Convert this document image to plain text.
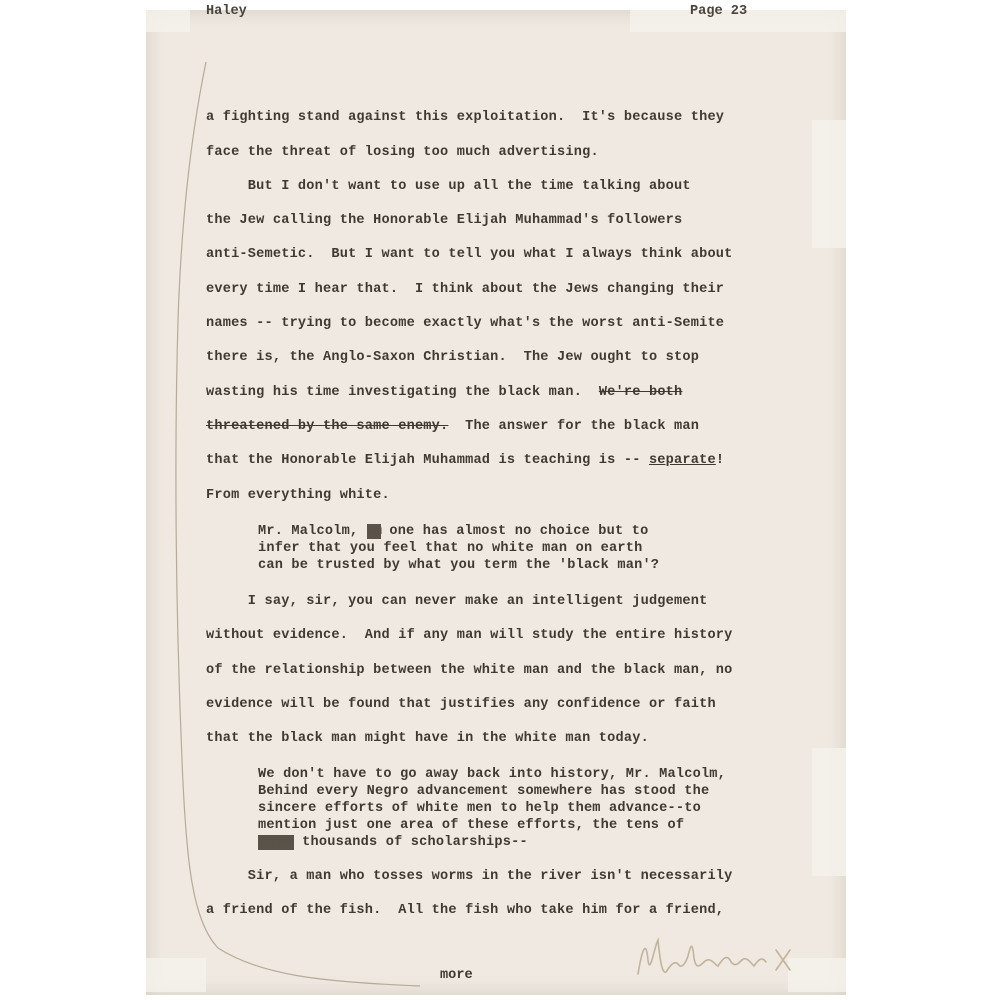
Haley	Page 23

a fighting stand against this exploitation.  It's because they

face the threat of losing too much advertising.

But I don't want to use up all the time talking about

the Jew calling the Honorable Elijah Muhammad's followers

anti-Semetic.  But I want to tell you what I always think about

every time I hear that.  I think about the Jews changing their

names -- trying to become exactly what's the worst anti-Semite

there is, the Anglo-Saxon Christian.  The Jew ought to stop

wasting his time investigating the black man.  We're both

threatened by the same enemy.  The answer for the black man

that the Honorable Elijah Muhammad is teaching is -- separate!

From everything white.

Mr. Malcolm, mm one has almost no choice but to

infer that you feel that no white man on earth

can be trusted by what you term the 'black man'?

I say, sir, you can never make an intelligent judgement

without evidence.  And if any man will study the entire history

of the relationship between the white man and the black man, no

evidence will be found that justifies any confidence or faith

that the black man might have in the white man today.

We don't have to go away back into history, Mr. Malcolm,

Behind every Negro advancement somewhere has stood the

sincere efforts of white men to help them advance--to

mention just one area of these efforts, the tens of

thous thousands of scholarships--

Sir, a man who tosses worms in the river isn't necessarily

a friend of the fish.  All the fish who take him for a friend,

more
